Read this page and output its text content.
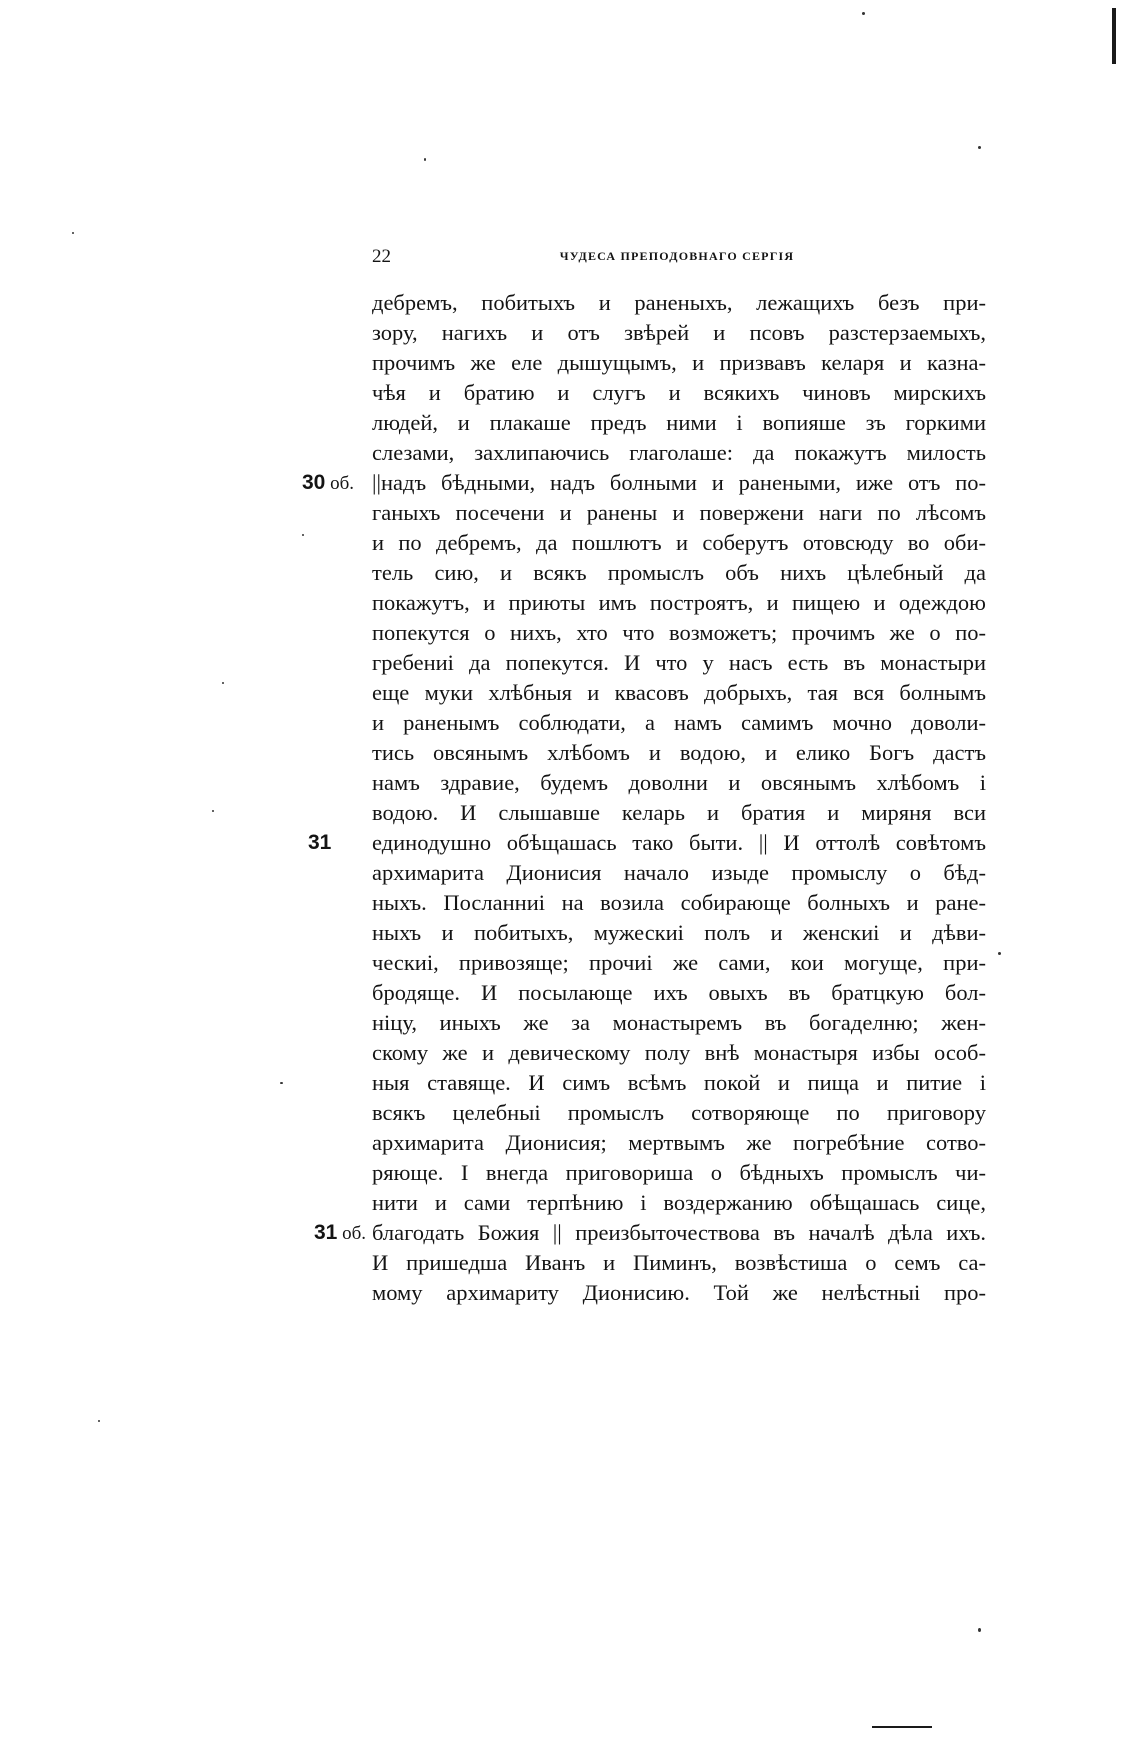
22	ЧУДЕСА ПРЕПОДОВНАГО СЕРГІЯ
30 об.
31
31 об.
дебремъ, побитыхъ и раненыхъ, лежащихъ безъ при-
зору, нагихъ и отъ звѣрей и псовъ разстерзаемыхъ,
прочимъ же еле дышущымъ, и призвавъ келаря и казна-
чѣя и братию и слугъ и всякихъ чиновъ мирскихъ
людей, и плакаше предъ ними і вопияше зъ горкими
слезами, захлипаючись глаголаше: да покажутъ милость
||надъ бѣдными, надъ болными и ранеными, иже отъ по-
ганыхъ посечени и ранены и повержени наги по лѣсомъ
и по дебремъ, да пошлютъ и соберутъ отовсюду во оби-
тель сию, и всякъ промыслъ объ нихъ цѣлебный да
покажутъ, и приюты имъ построятъ, и пищею и одеждою
попекутся о нихъ, хто что возможетъ; прочимъ же о по-
гребениі да попекутся. И что у насъ есть въ монастыри
еще муки хлѣбныя и квасовъ добрыхъ, тая вся болнымъ
и раненымъ соблюдати, а намъ самимъ мочно доволи-
тись овсянымъ хлѣбомъ и водою, и елико Богъ дастъ
намъ здравие, будемъ доволни и овсянымъ хлѣбомъ і
водою. И слышавше келарь и братия и миряня вси
единодушно обѣщашась тако быти. || И оттолѣ совѣтомъ
архимарита Дионисия начало изыде промыслу о бѣд-
ныхъ. Посланниі на возила собирающе болныхъ и ране-
ныхъ и побитыхъ, мужескиі полъ и женскиі и дѣви-
ческиі, привозяще; прочиі же сами, кои могуще, при-
бродяще. И посылающе ихъ овыхъ въ братцкую бол-
ніцу, иныхъ же за монастыремъ въ богаделню; жен-
скому же и девическому полу внѣ монастыря избы особ-
ныя ставяще. И симъ всѣмъ покой и пища и питие і
всякъ целебныі промыслъ сотворяюще по приговору
архимарита Дионисия; мертвымъ же погребѣние сотво-
ряюще. І внегда приговориша о бѣдныхъ промыслъ чи-
нити и сами терпѣнию і воздержанию обѣщашась сице,
благодать Божия || преизбыточествова въ началѣ дѣла ихъ.
И пришедша Иванъ и Пиминъ, возвѣстиша о семъ са-
мому архимариту Дионисию. Той же нелѣстныі про-
